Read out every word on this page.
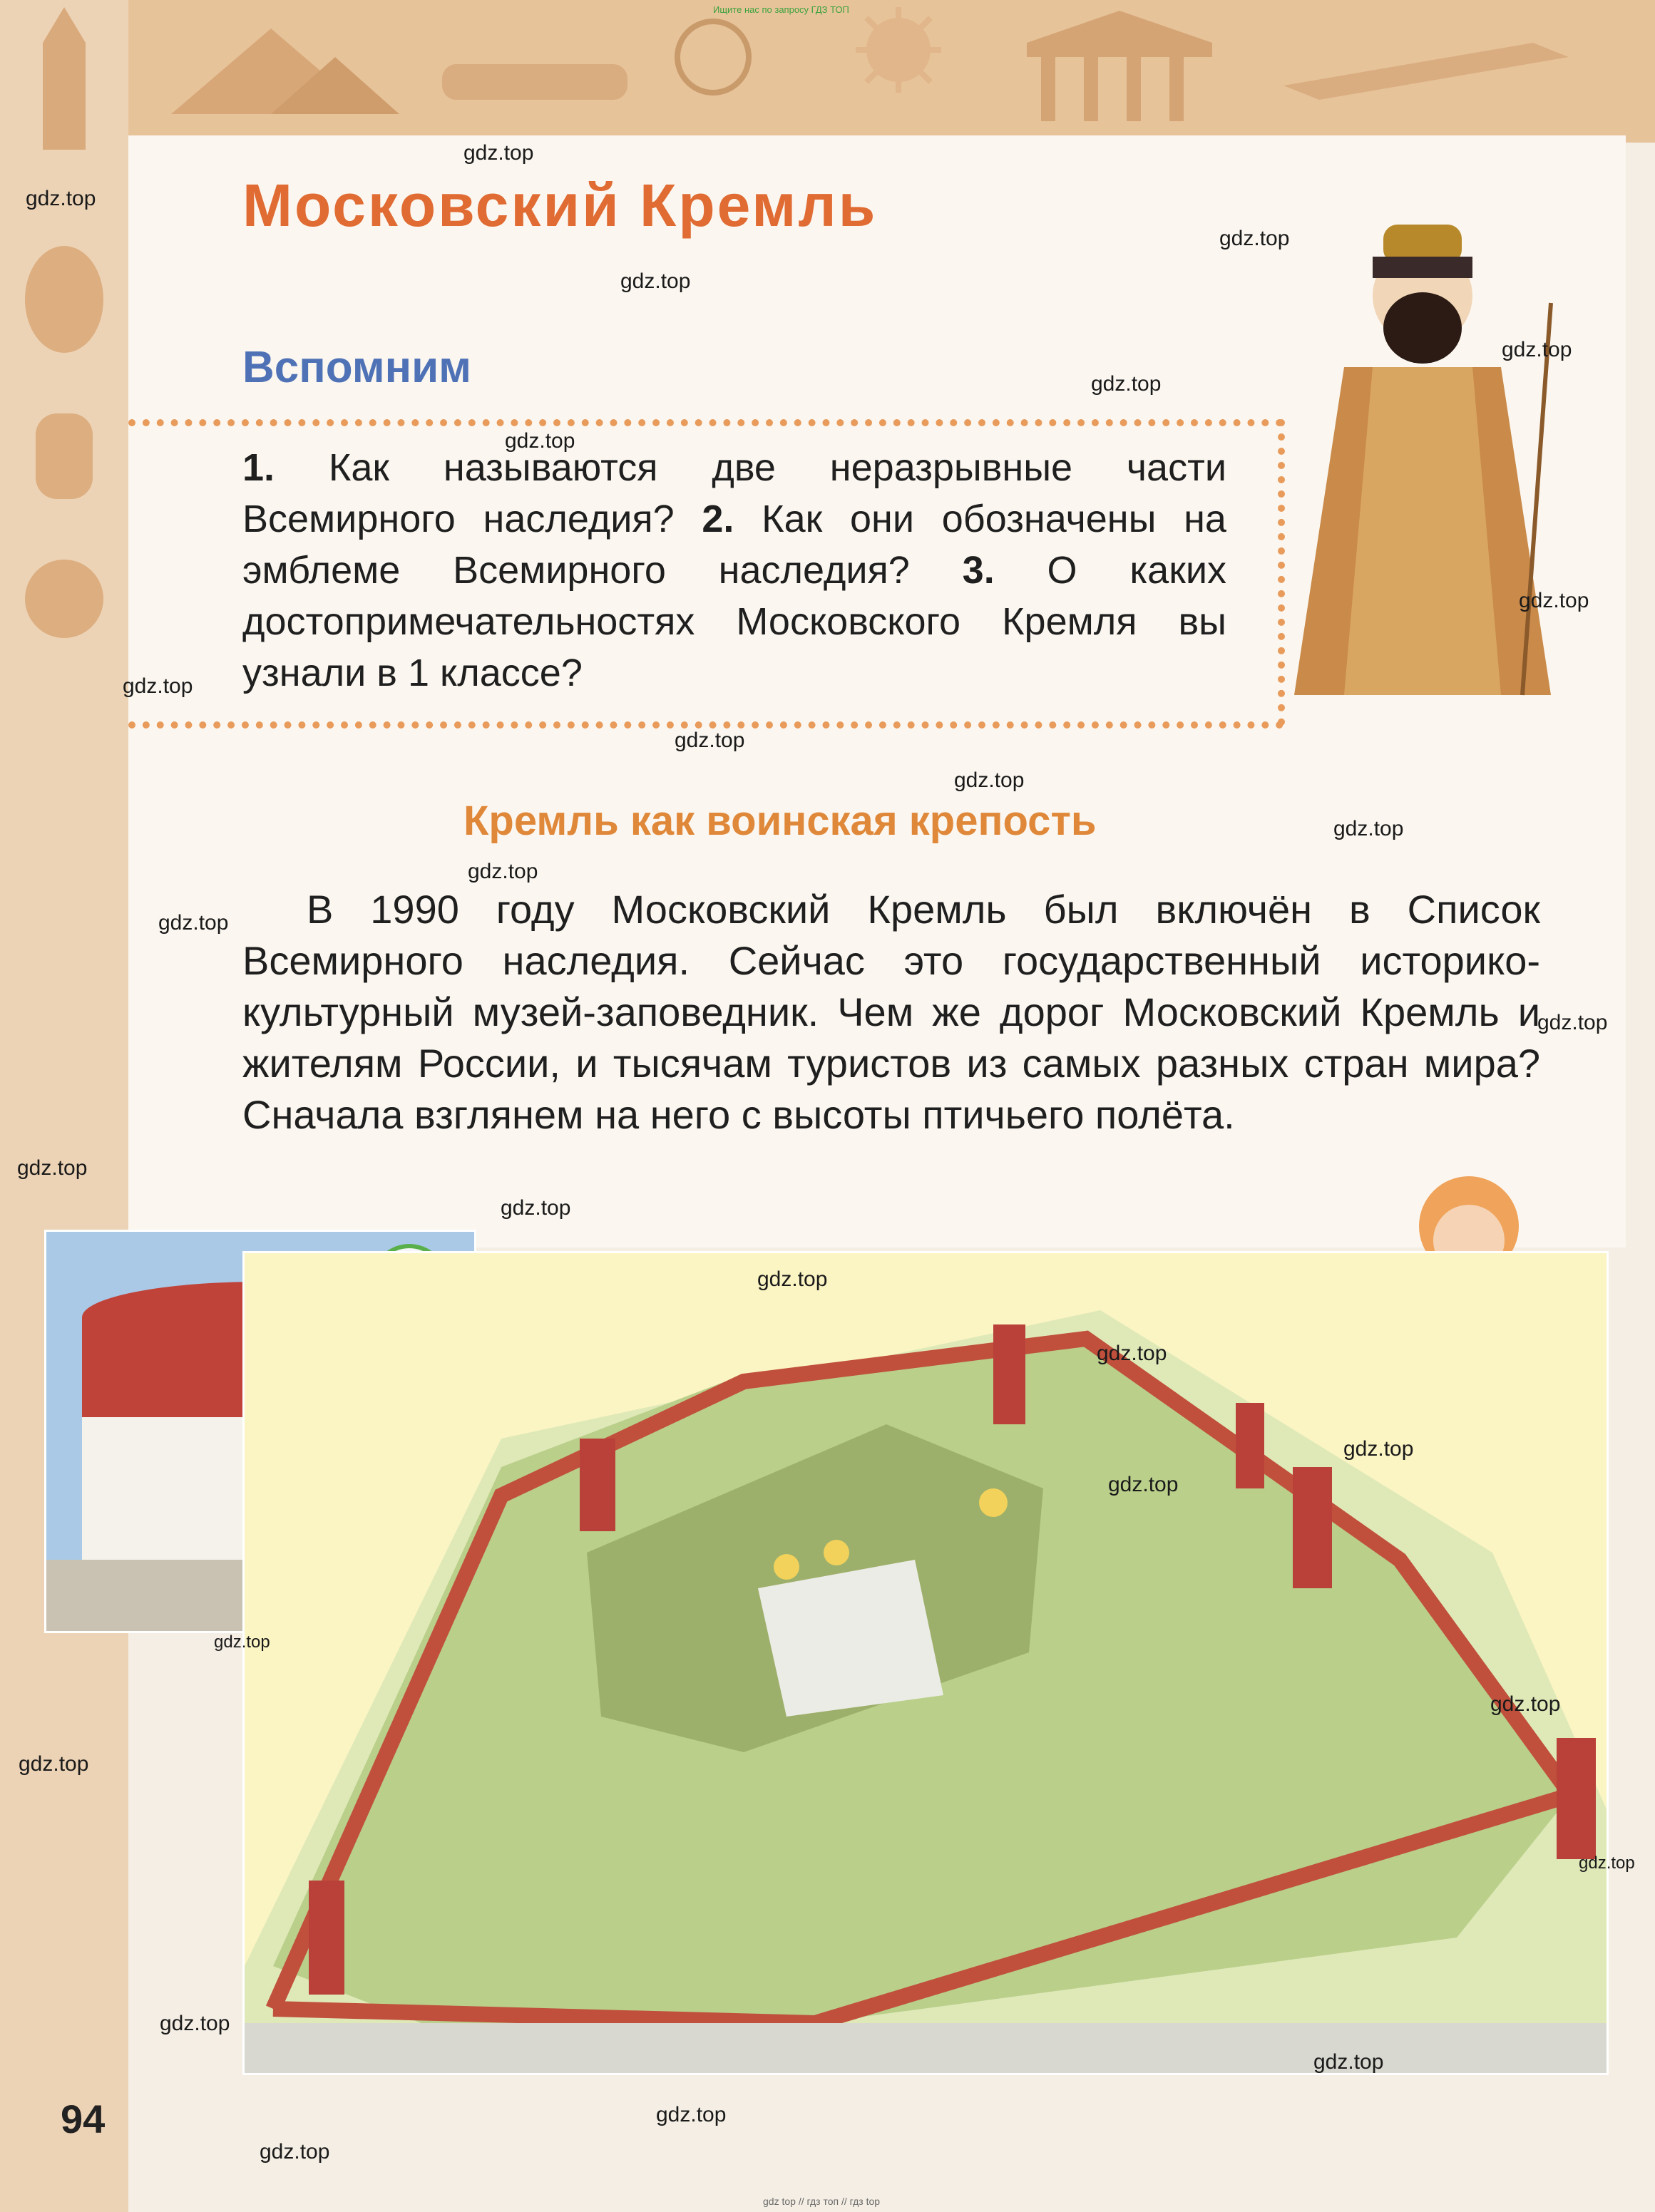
Ищите нас по запросу ГДЗ ТОП
Московский Кремль
Вспомним
1. Как называются две неразрывные части Всемирного наследия? 2. Как они обозначены на эмблеме Всемирного наследия? 3. О каких достопримечательностях Московского Кремля вы узнали в 1 классе?
Кремль как воинская крепость
В 1990 году Московский Кремль был включён в Список Всемирного наследия. Сейчас это государственный историко-культурный музей-заповедник. Чем же дорог Московский Кремль и жителям России, и тысячам туристов из самых разных стран мира? Сначала взглянем на него с высоты птичьего полёта.
94
gdz.top
gdz.top
gdz.top
gdz.top
gdz.top
gdz.top
gdz.top
gdz.top
gdz.top
gdz.top
gdz.top
gdz.top
gdz.top
gdz.top
gdz.top
gdz.top
gdz.top
gdz.top
gdz.top
gdz.top
gdz.top
gdz.top
gdz.top
gdz.top
gdz.top
gdz.top
gdz.top
gdz.top
gdz.top
gdz top // гдз топ // гдз top
